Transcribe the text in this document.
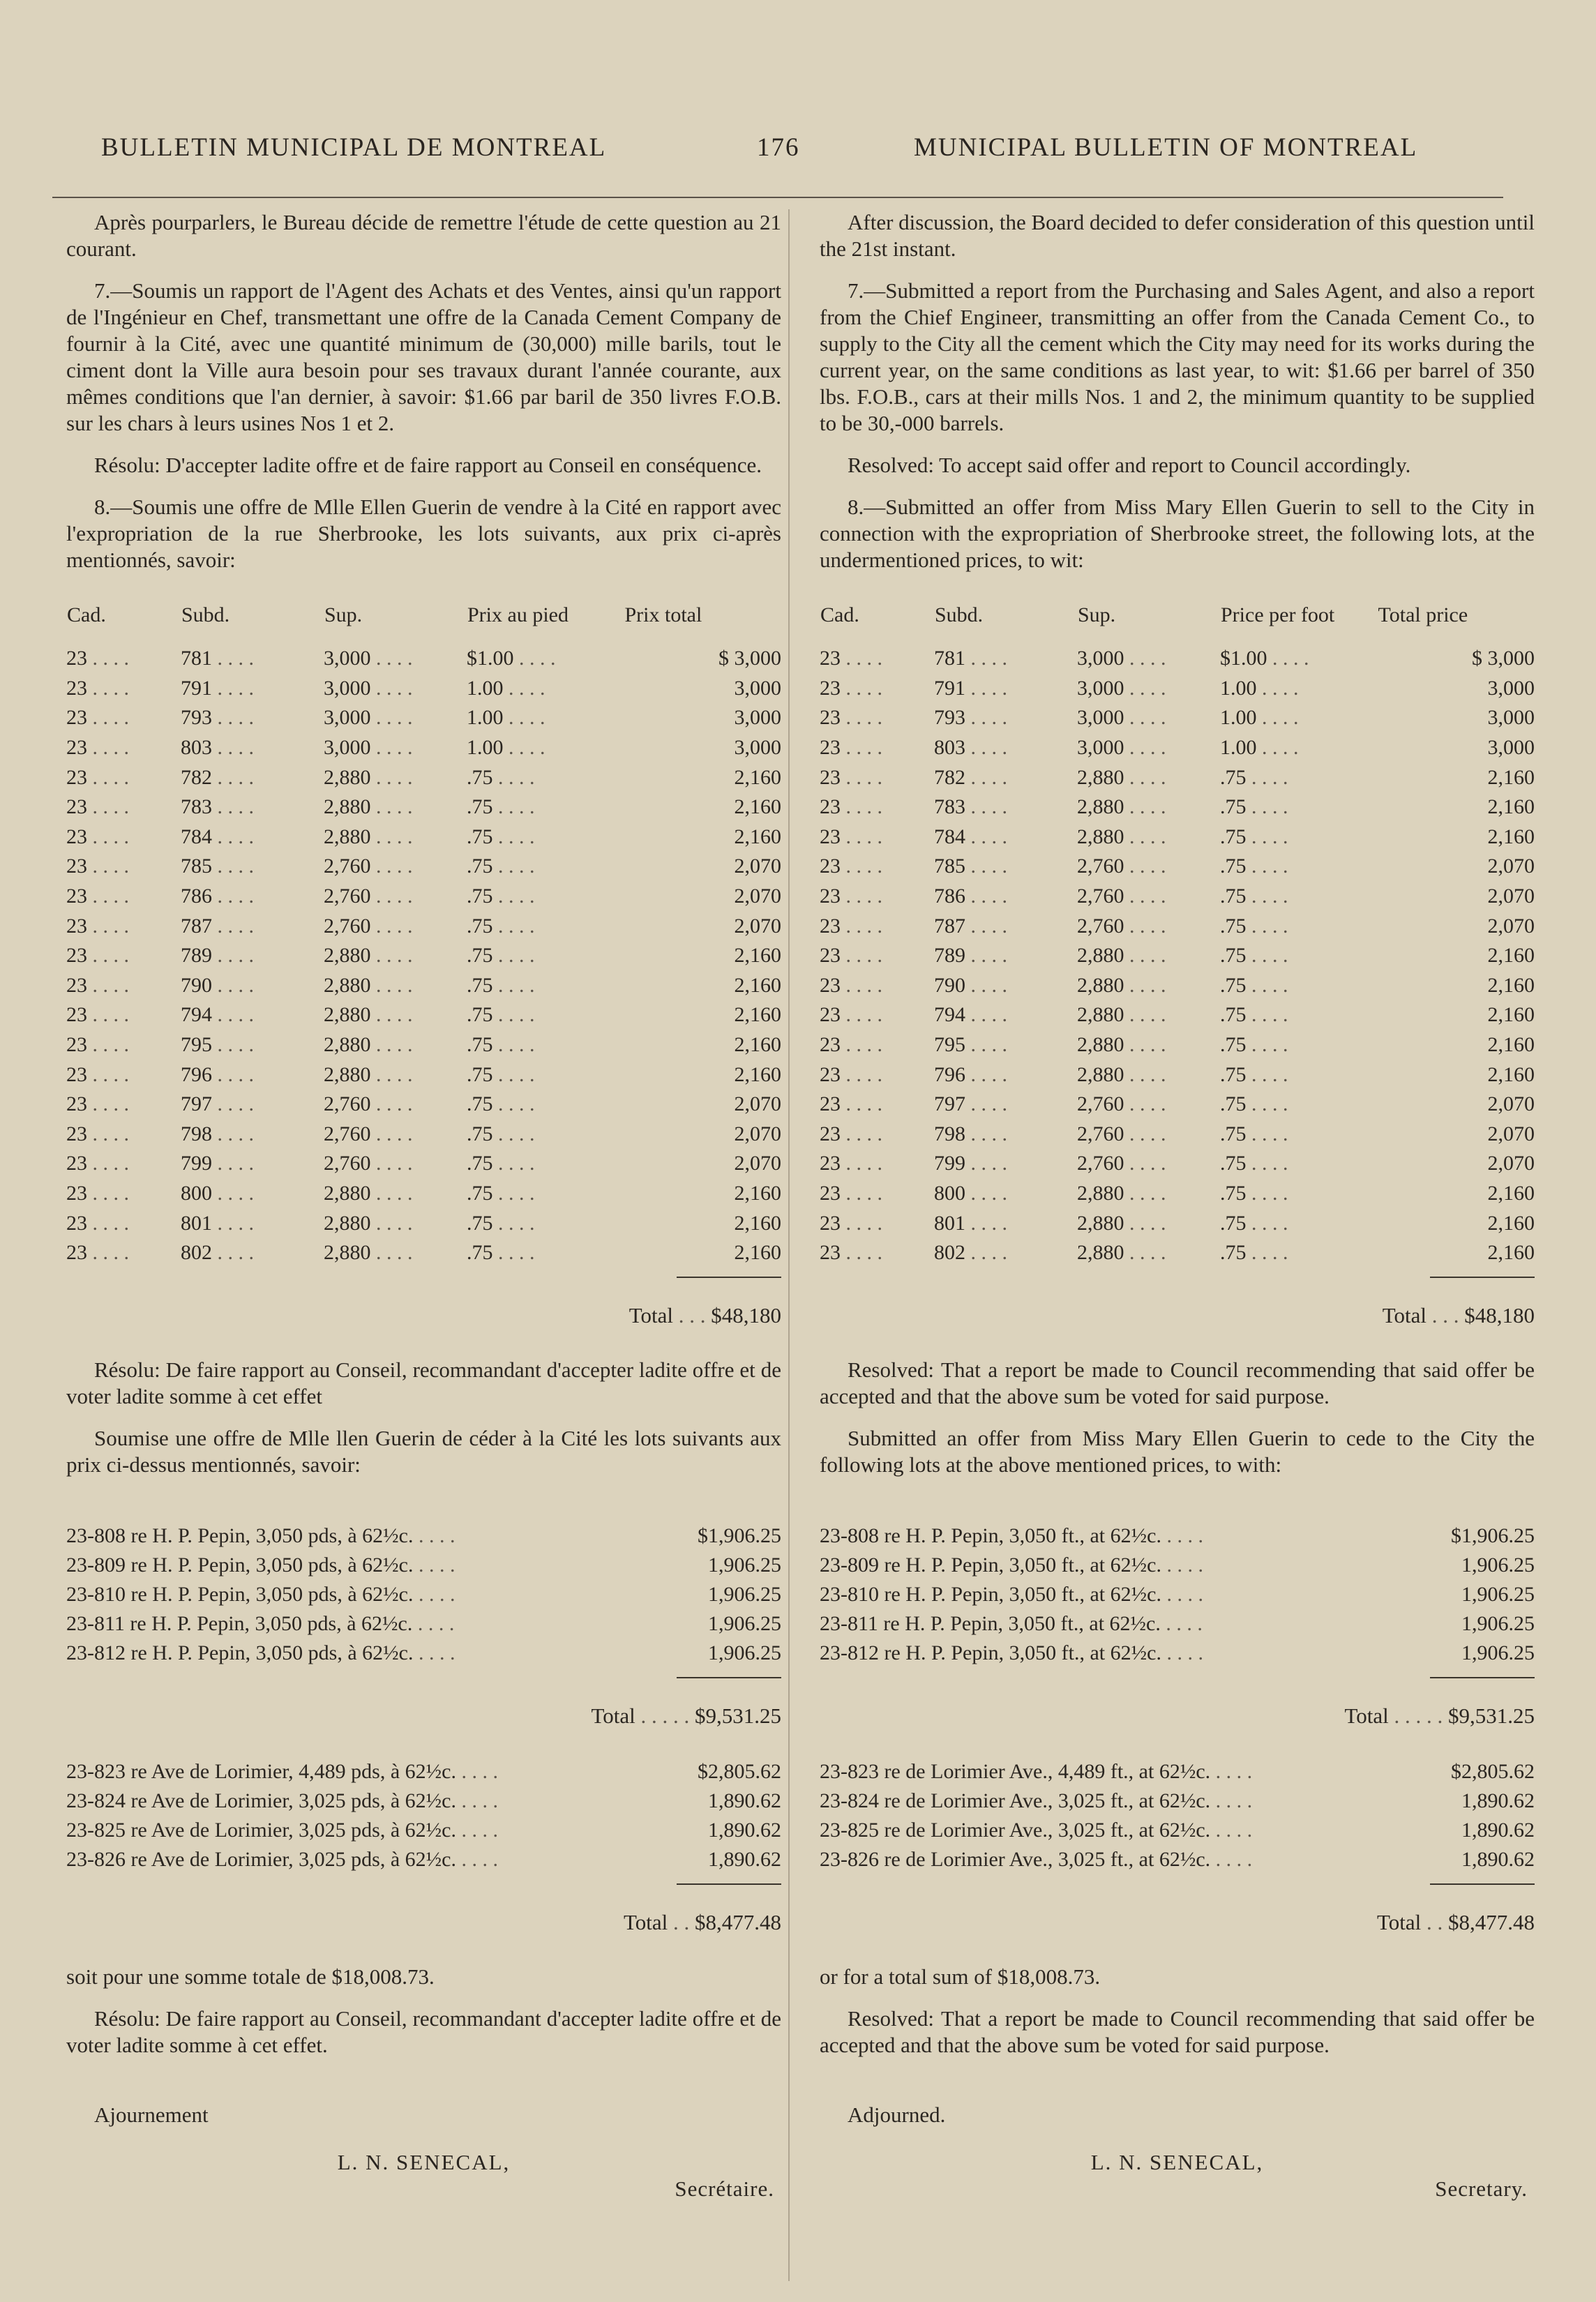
BULLETIN MUNICIPAL DE MONTREAL	176	MUNICIPAL BULLETIN OF MONTREAL

Après pourparlers, le Bureau décide de remettre l'étude de cette question au 21 courant.

7.—Soumis un rapport de l'Agent des Achats et des Ventes, ainsi qu'un rapport de l'Ingénieur en Chef, transmettant une offre de la Canada Cement Company de fournir à la Cité, avec une quantité minimum de (30,000) mille barils, tout le ciment dont la Ville aura besoin pour ses travaux durant l'année courante, aux mêmes conditions que l'an dernier, à savoir: $1.66 par baril de 350 livres F.O.B. sur les chars à leurs usines Nos 1 et 2.

Résolu: D'accepter ladite offre et de faire rapport au Conseil en conséquence.

8.—Soumis une offre de Mlle Ellen Guerin de vendre à la Cité en rapport avec l'expropriation de la rue Sherbrooke, les lots suivants, aux prix ci-après mentionnés, savoir:

Cad.	Subd.	Sup.	Prix au pied	Prix total
23 . . . .	781 . . . .	3,000 . . . .	$1.00 . . . .	$ 3,000
23 . . . .	791 . . . .	3,000 . . . .	1.00 . . . .	3,000
23 . . . .	793 . . . .	3,000 . . . .	1.00 . . . .	3,000
23 . . . .	803 . . . .	3,000 . . . .	1.00 . . . .	3,000
23 . . . .	782 . . . .	2,880 . . . .	.75 . . . .	2,160
23 . . . .	783 . . . .	2,880 . . . .	.75 . . . .	2,160
23 . . . .	784 . . . .	2,880 . . . .	.75 . . . .	2,160
23 . . . .	785 . . . .	2,760 . . . .	.75 . . . .	2,070
23 . . . .	786 . . . .	2,760 . . . .	.75 . . . .	2,070
23 . . . .	787 . . . .	2,760 . . . .	.75 . . . .	2,070
23 . . . .	789 . . . .	2,880 . . . .	.75 . . . .	2,160
23 . . . .	790 . . . .	2,880 . . . .	.75 . . . .	2,160
23 . . . .	794 . . . .	2,880 . . . .	.75 . . . .	2,160
23 . . . .	795 . . . .	2,880 . . . .	.75 . . . .	2,160
23 . . . .	796 . . . .	2,880 . . . .	.75 . . . .	2,160
23 . . . .	797 . . . .	2,760 . . . .	.75 . . . .	2,070
23 . . . .	798 . . . .	2,760 . . . .	.75 . . . .	2,070
23 . . . .	799 . . . .	2,760 . . . .	.75 . . . .	2,070
23 . . . .	800 . . . .	2,880 . . . .	.75 . . . .	2,160
23 . . . .	801 . . . .	2,880 . . . .	.75 . . . .	2,160
23 . . . .	802 . . . .	2,880 . . . .	.75 . . . .	2,160
Total . . . $48,180

Résolu: De faire rapport au Conseil, recommandant d'accepter ladite offre et de voter ladite somme à cet effet

Soumise une offre de Mlle llen Guerin de céder à la Cité les lots suivants aux prix ci-dessus mentionnés, savoir:

23-808 re H. P. Pepin, 3,050 pds, à 62½c. . . . .	$1,906.25
23-809 re H. P. Pepin, 3,050 pds, à 62½c. . . . .	1,906.25
23-810 re H. P. Pepin, 3,050 pds, à 62½c. . . . .	1,906.25
23-811 re H. P. Pepin, 3,050 pds, à 62½c. . . . .	1,906.25
23-812 re H. P. Pepin, 3,050 pds, à 62½c. . . . .	1,906.25
Total . . . . . $9,531.25
23-823 re Ave de Lorimier, 4,489 pds, à 62½c. . . . .	$2,805.62
23-824 re Ave de Lorimier, 3,025 pds, à 62½c. . . . .	1,890.62
23-825 re Ave de Lorimier, 3,025 pds, à 62½c. . . . .	1,890.62
23-826 re Ave de Lorimier, 3,025 pds, à 62½c. . . . .	1,890.62
Total . . $8,477.48

soit pour une somme totale de $18,008.73.

Résolu: De faire rapport au Conseil, recommandant d'accepter ladite offre et de voter ladite somme à cet effet.

Ajournement

L. N. SENECAL,
Secrétaire.

After discussion, the Board decided to defer consideration of this question until the 21st instant.

7.—Submitted a report from the Purchasing and Sales Agent, and also a report from the Chief Engineer, transmitting an offer from the Canada Cement Co., to supply to the City all the cement which the City may need for its works during the current year, on the same conditions as last year, to wit: $1.66 per barrel of 350 lbs. F.O.B., cars at their mills Nos. 1 and 2, the minimum quantity to be supplied to be 30,-000 barrels.

Resolved: To accept said offer and report to Council accordingly.

8.—Submitted an offer from Miss Mary Ellen Guerin to sell to the City in connection with the expropriation of Sherbrooke street, the following lots, at the undermentioned prices, to wit:

Cad.	Subd.	Sup.	Price per foot	Total price
23 . . . .	781 . . . .	3,000 . . . .	$1.00 . . . .	$ 3,000
23 . . . .	791 . . . .	3,000 . . . .	1.00 . . . .	3,000
23 . . . .	793 . . . .	3,000 . . . .	1.00 . . . .	3,000
23 . . . .	803 . . . .	3,000 . . . .	1.00 . . . .	3,000
23 . . . .	782 . . . .	2,880 . . . .	.75 . . . .	2,160
23 . . . .	783 . . . .	2,880 . . . .	.75 . . . .	2,160
23 . . . .	784 . . . .	2,880 . . . .	.75 . . . .	2,160
23 . . . .	785 . . . .	2,760 . . . .	.75 . . . .	2,070
23 . . . .	786 . . . .	2,760 . . . .	.75 . . . .	2,070
23 . . . .	787 . . . .	2,760 . . . .	.75 . . . .	2,070
23 . . . .	789 . . . .	2,880 . . . .	.75 . . . .	2,160
23 . . . .	790 . . . .	2,880 . . . .	.75 . . . .	2,160
23 . . . .	794 . . . .	2,880 . . . .	.75 . . . .	2,160
23 . . . .	795 . . . .	2,880 . . . .	.75 . . . .	2,160
23 . . . .	796 . . . .	2,880 . . . .	.75 . . . .	2,160
23 . . . .	797 . . . .	2,760 . . . .	.75 . . . .	2,070
23 . . . .	798 . . . .	2,760 . . . .	.75 . . . .	2,070
23 . . . .	799 . . . .	2,760 . . . .	.75 . . . .	2,070
23 . . . .	800 . . . .	2,880 . . . .	.75 . . . .	2,160
23 . . . .	801 . . . .	2,880 . . . .	.75 . . . .	2,160
23 . . . .	802 . . . .	2,880 . . . .	.75 . . . .	2,160
Total . . . $48,180

Resolved: That a report be made to Council recommending that said offer be accepted and that the above sum be voted for said purpose.

Submitted an offer from Miss Mary Ellen Guerin to cede to the City the following lots at the above mentioned prices, to with:

23-808 re H. P. Pepin, 3,050 ft., at 62½c. . . . .	$1,906.25
23-809 re H. P. Pepin, 3,050 ft., at 62½c. . . . .	1,906.25
23-810 re H. P. Pepin, 3,050 ft., at 62½c. . . . .	1,906.25
23-811 re H. P. Pepin, 3,050 ft., at 62½c. . . . .	1,906.25
23-812 re H. P. Pepin, 3,050 ft., at 62½c. . . . .	1,906.25
Total . . . . . $9,531.25
23-823 re de Lorimier Ave., 4,489 ft., at 62½c. . . . .	$2,805.62
23-824 re de Lorimier Ave., 3,025 ft., at 62½c. . . . .	1,890.62
23-825 re de Lorimier Ave., 3,025 ft., at 62½c. . . . .	1,890.62
23-826 re de Lorimier Ave., 3,025 ft., at 62½c. . . . .	1,890.62
Total . . $8,477.48

or for a total sum of $18,008.73.

Resolved: That a report be made to Council recommending that said offer be accepted and that the above sum be voted for said purpose.

Adjourned.

L. N. SENECAL,
Secretary.
